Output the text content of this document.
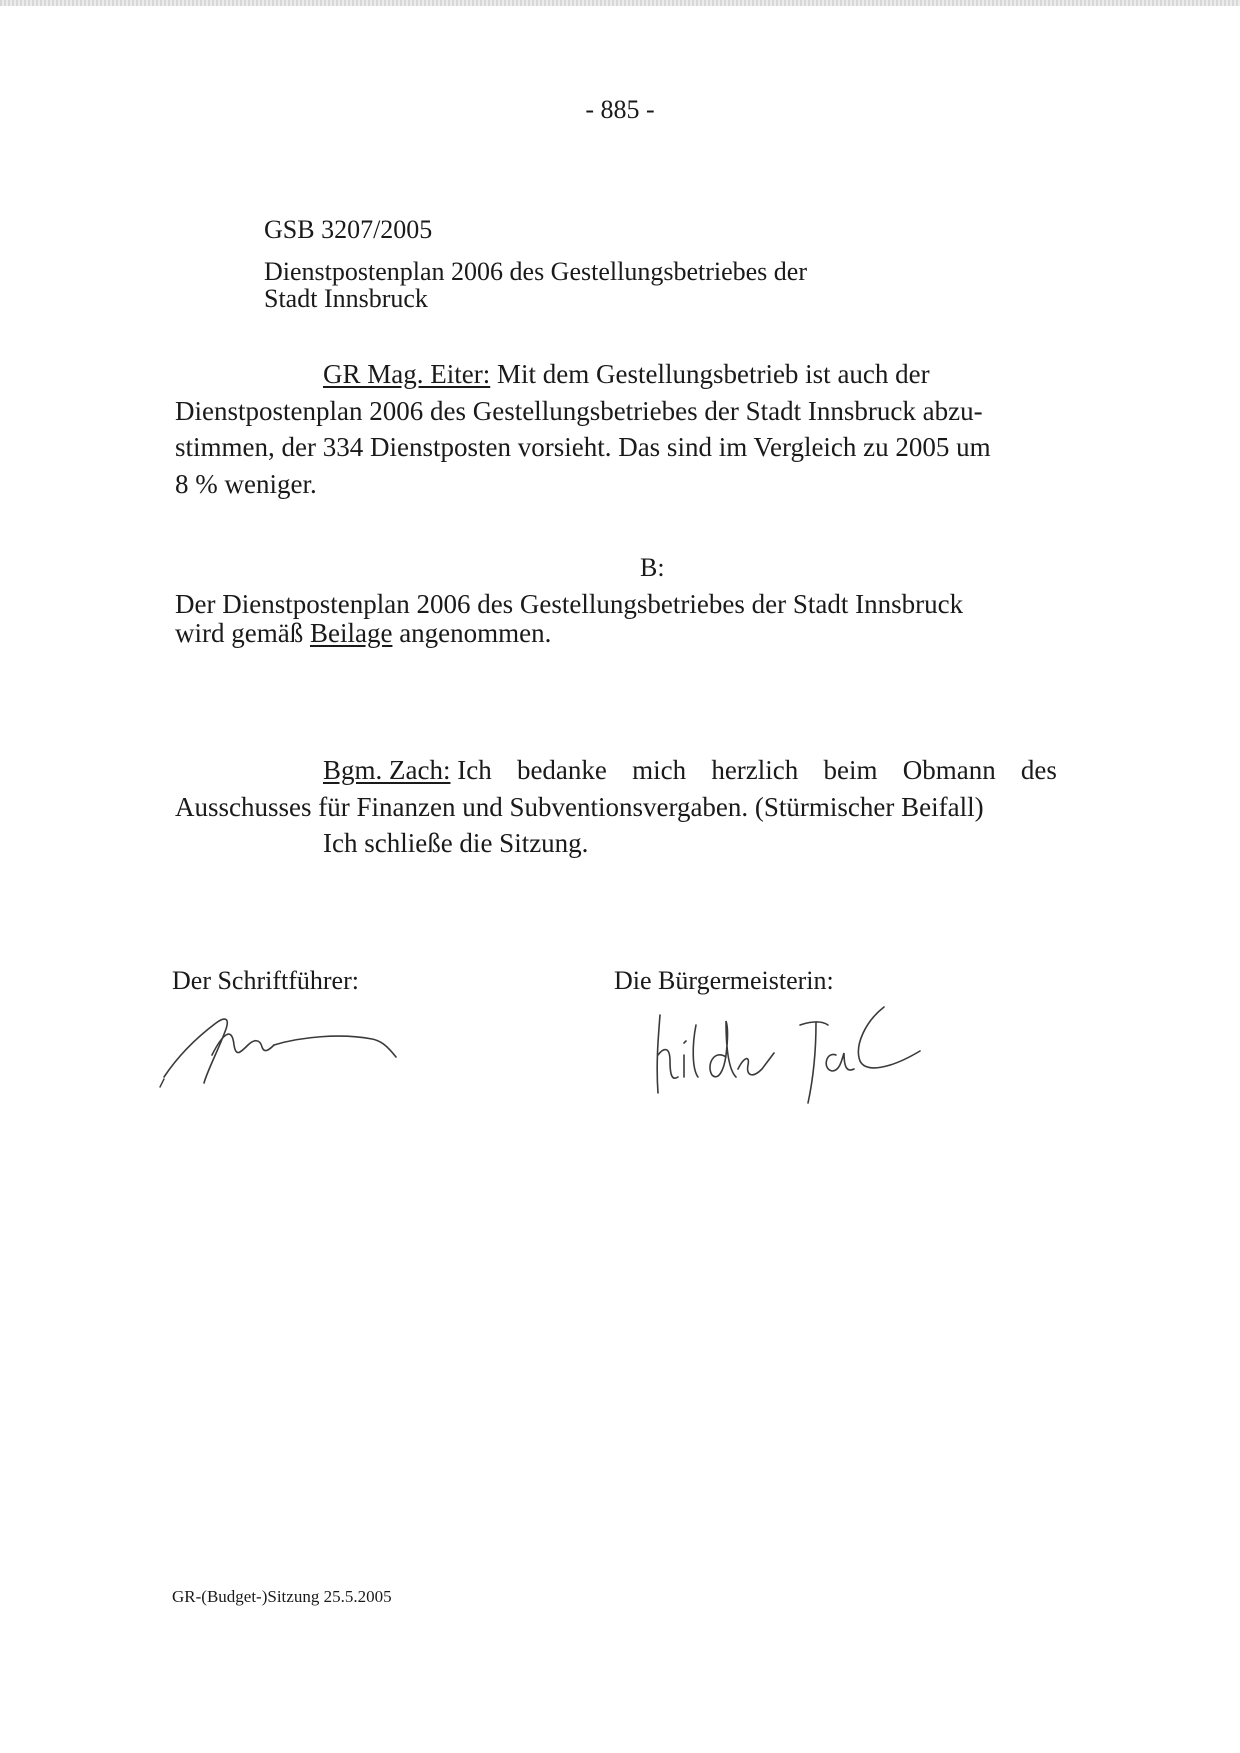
- 885 -
GSB 3207/2005
Dienstpostenplan 2006 des Gestellungsbetriebes der
Stadt Innsbruck
GR Mag. Eiter: Mit dem Gestellungsbetrieb ist auch der
Dienstpostenplan 2006 des Gestellungsbetriebes der Stadt Innsbruck abzu-
stimmen, der 334 Dienstposten vorsieht. Das sind im Vergleich zu 2005 um
8 % weniger.
B:
Der Dienstpostenplan 2006 des Gestellungsbetriebes der Stadt Innsbruck
wird gemäß Beilage angenommen.
Bgm. Zach: Ich bedanke mich herzlich beim Obmann des
Ausschusses für Finanzen und Subventionsvergaben. (Stürmischer Beifall)
Ich schließe die Sitzung.
Der Schriftführer:	Die Bürgermeisterin:
GR-(Budget-)Sitzung 25.5.2005
